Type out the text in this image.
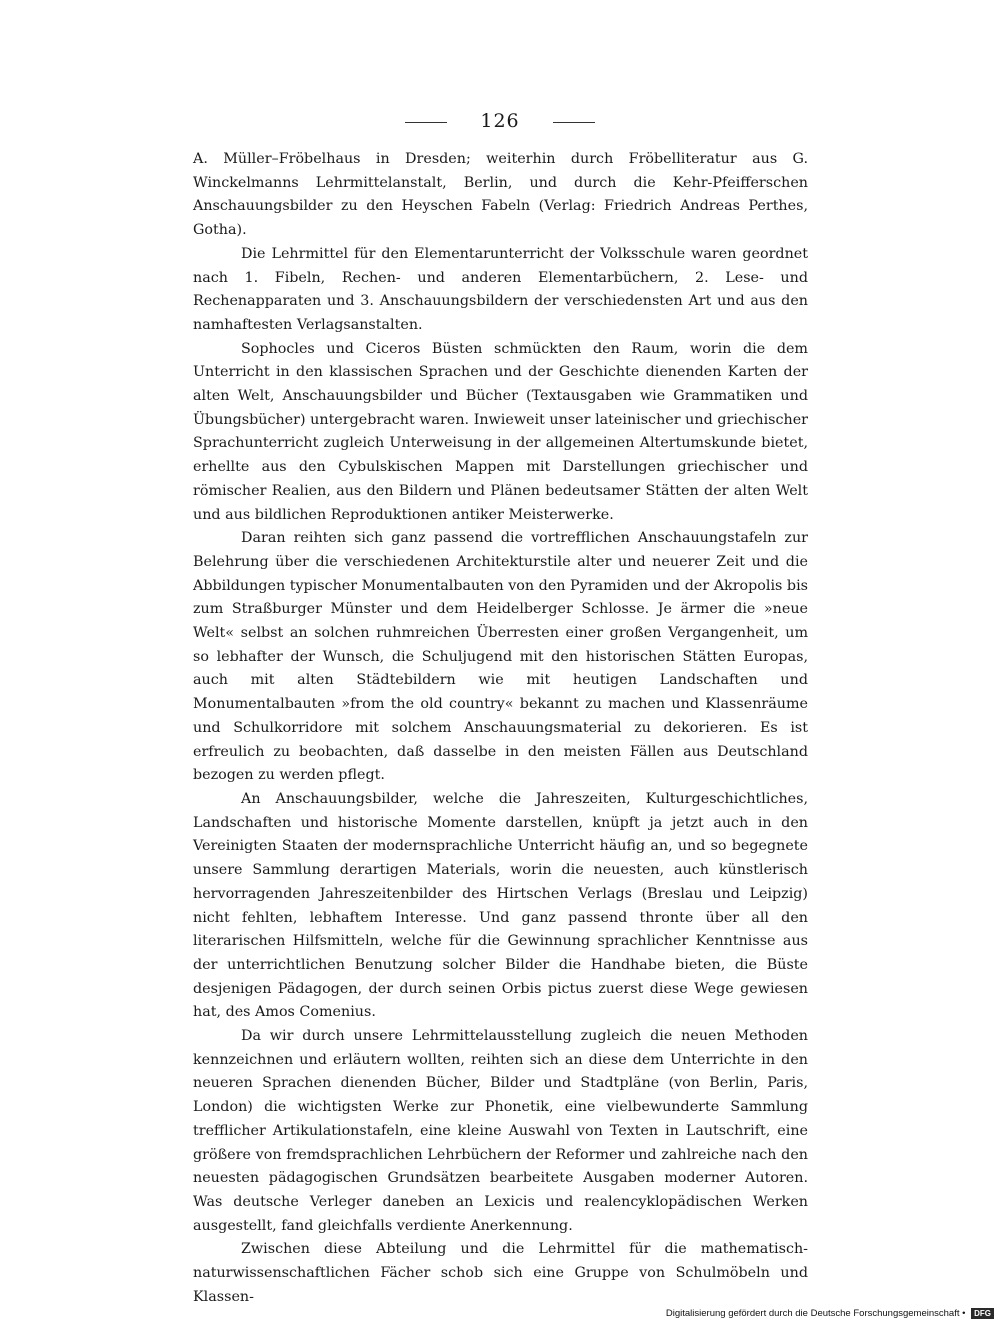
126

A. Müller–Fröbelhaus in Dresden; weiterhin durch Fröbelliteratur aus G. Winckelmanns Lehrmittelanstalt, Berlin, und durch die Kehr-Pfeifferschen Anschauungsbilder zu den Heyschen Fabeln (Verlag: Friedrich Andreas Perthes, Gotha).

Die Lehrmittel für den Elementarunterricht der Volksschule waren geordnet nach 1. Fibeln, Rechen- und anderen Elementarbüchern, 2. Lese- und Rechenapparaten und 3. Anschauungsbildern der verschiedensten Art und aus den namhaftesten Verlagsanstalten.

Sophocles und Ciceros Büsten schmückten den Raum, worin die dem Unterricht in den klassischen Sprachen und der Geschichte dienenden Karten der alten Welt, Anschauungsbilder und Bücher (Textausgaben wie Grammatiken und Übungsbücher) untergebracht waren. Inwieweit unser lateinischer und griechischer Sprachunterricht zugleich Unterweisung in der allgemeinen Altertumskunde bietet, erhellte aus den Cybulskischen Mappen mit Darstellungen griechischer und römischer Realien, aus den Bildern und Plänen bedeutsamer Stätten der alten Welt und aus bildlichen Reproduktionen antiker Meisterwerke.

Daran reihten sich ganz passend die vortrefflichen Anschauungstafeln zur Belehrung über die verschiedenen Architekturstile alter und neuerer Zeit und die Abbildungen typischer Monumentalbauten von den Pyramiden und der Akropolis bis zum Straßburger Münster und dem Heidelberger Schlosse. Je ärmer die »neue Welt« selbst an solchen ruhmreichen Überresten einer großen Vergangenheit, um so lebhafter der Wunsch, die Schuljugend mit den historischen Stätten Europas, auch mit alten Städtebildern wie mit heutigen Landschaften und Monumentalbauten »from the old country« bekannt zu machen und Klassenräume und Schulkorridore mit solchem Anschauungsmaterial zu dekorieren. Es ist erfreulich zu beobachten, daß dasselbe in den meisten Fällen aus Deutschland bezogen zu werden pflegt.

An Anschauungsbilder, welche die Jahreszeiten, Kulturgeschichtliches, Landschaften und historische Momente darstellen, knüpft ja jetzt auch in den Vereinigten Staaten der modernsprachliche Unterricht häufig an, und so begegnete unsere Sammlung derartigen Materials, worin die neuesten, auch künstlerisch hervorragenden Jahreszeitenbilder des Hirtschen Verlags (Breslau und Leipzig) nicht fehlten, lebhaftem Interesse. Und ganz passend thronte über all den literarischen Hilfsmitteln, welche für die Gewinnung sprachlicher Kenntnisse aus der unterrichtlichen Benutzung solcher Bilder die Handhabe bieten, die Büste desjenigen Pädagogen, der durch seinen Orbis pictus zuerst diese Wege gewiesen hat, des Amos Comenius.

Da wir durch unsere Lehrmittelausstellung zugleich die neuen Methoden kennzeichnen und erläutern wollten, reihten sich an diese dem Unterrichte in den neueren Sprachen dienenden Bücher, Bilder und Stadtpläne (von Berlin, Paris, London) die wichtigsten Werke zur Phonetik, eine vielbewunderte Sammlung trefflicher Artikulationstafeln, eine kleine Auswahl von Texten in Lautschrift, eine größere von fremdsprachlichen Lehrbüchern der Reformer und zahlreiche nach den neuesten pädagogischen Grundsätzen bearbeitete Ausgaben moderner Autoren. Was deutsche Verleger daneben an Lexicis und realencyklopädischen Werken ausgestellt, fand gleichfalls verdiente Anerkennung.

Zwischen diese Abteilung und die Lehrmittel für die mathematisch-naturwissenschaftlichen Fächer schob sich eine Gruppe von Schulmöbeln und Klassen-

Digitalisierung gefördert durch die Deutsche Forschungsgemeinschaft • DFG
